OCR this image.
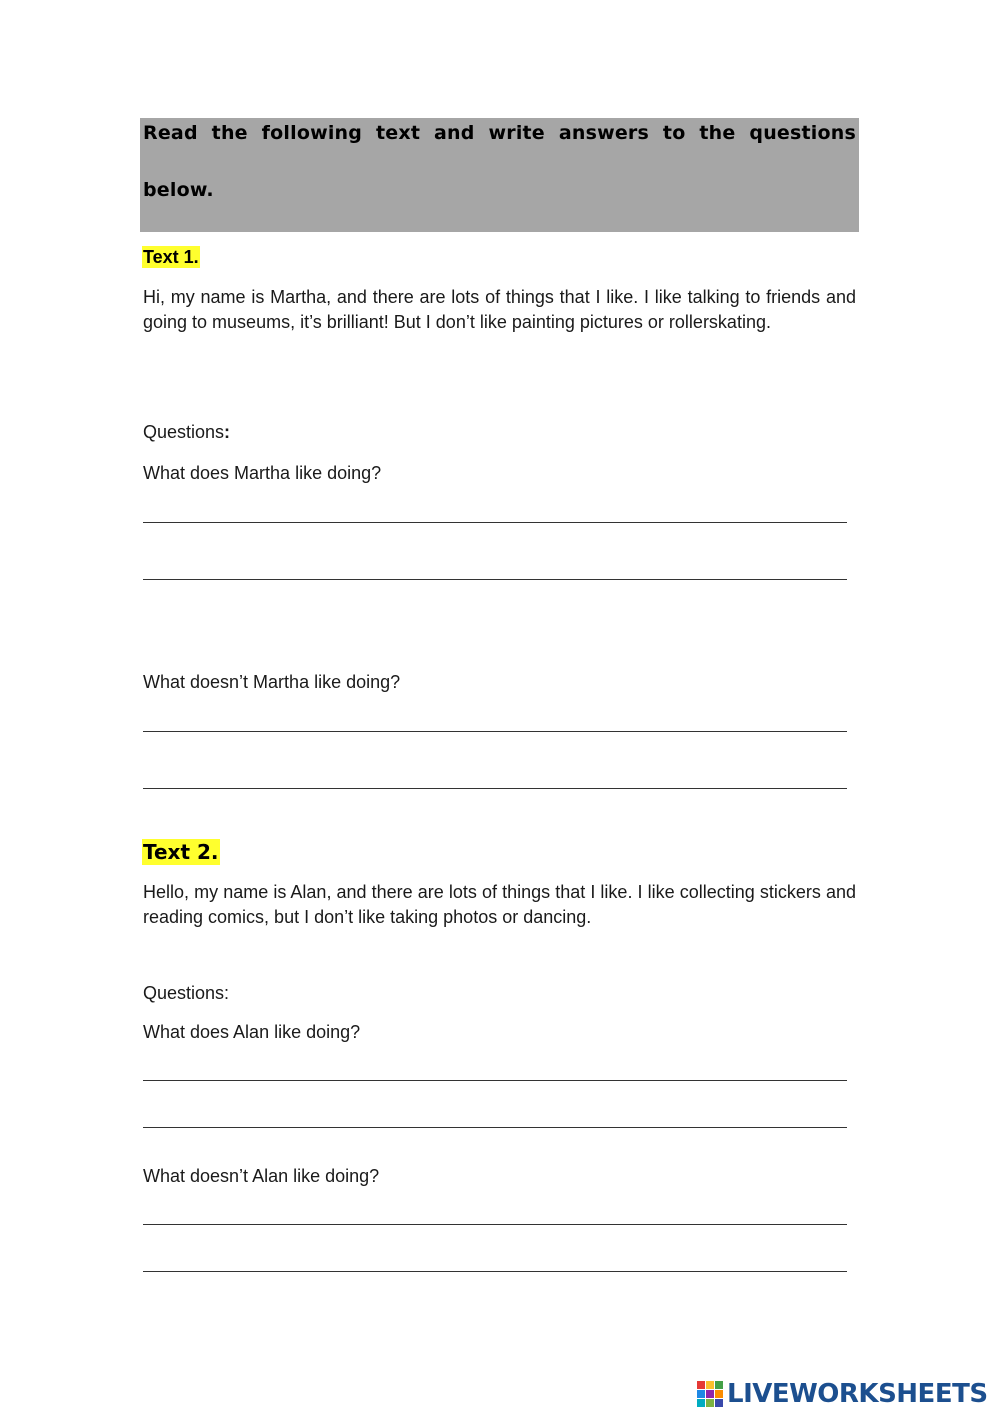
Read the following text and write answers to the questions
below.
Text 1.

Hi, my name is Martha, and there are lots of things that I like. I like talking to friends and going to museums, it’s brilliant! But I don’t like painting pictures or rollerskating.

Questions:
What does Martha like doing?
What doesn’t Martha like doing?
Text 2.

Hello, my name is Alan, and there are lots of things that I like. I like collecting stickers and reading comics, but I don’t like taking photos or dancing.

Questions:
What does Alan like doing?
What doesn’t Alan like doing?
LIVEWORKSHEETS
